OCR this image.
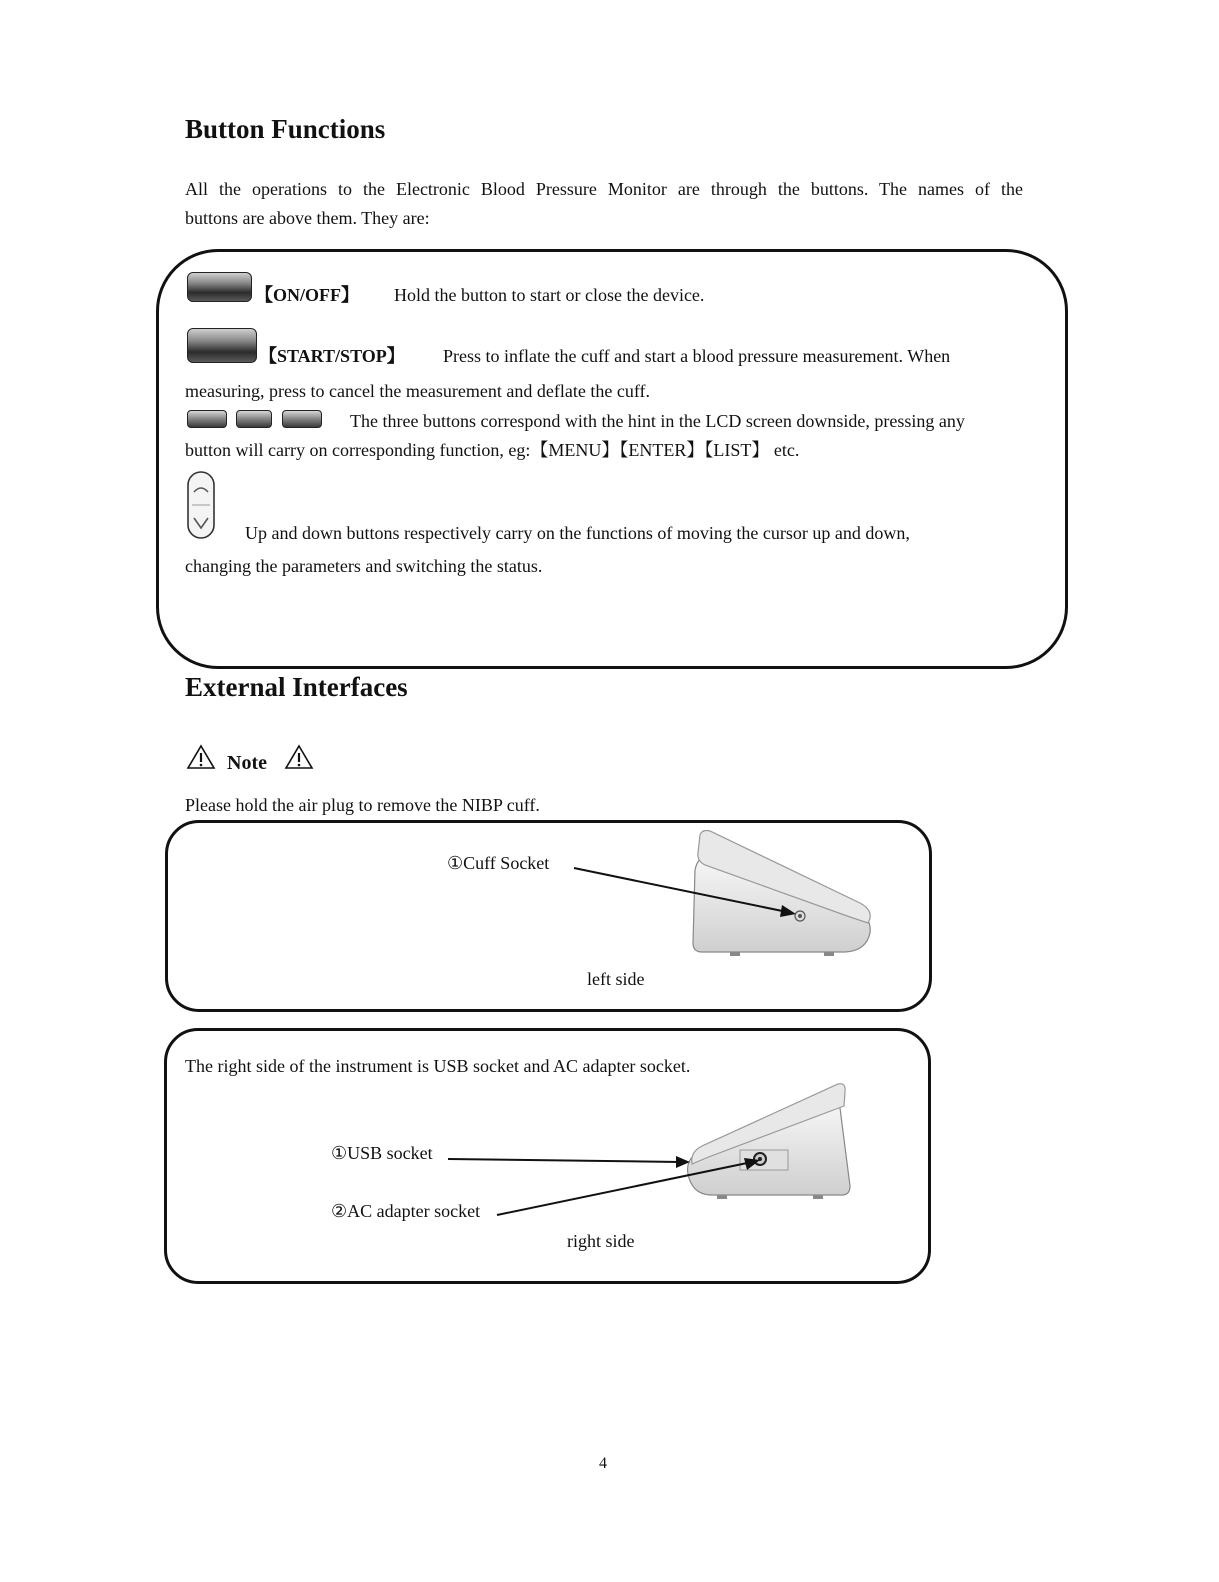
Button Functions
All the operations to the Electronic Blood Pressure Monitor are through the buttons. The names of the
buttons are above them. They are:
【ON/OFF】 Hold the button to start or close the device.
【START/STOP】 Press to inflate the cuff and start a blood pressure measurement. When
measuring, press to cancel the measurement and deflate the cuff.
The three buttons correspond with the hint in the LCD screen downside, pressing any
button will carry on corresponding function, eg:【MENU】【ENTER】【LIST】 etc.
Up and down buttons respectively carry on the functions of moving the cursor up and down,
changing the parameters and switching the status.
External Interfaces
Note
Please hold the air plug to remove the NIBP cuff.
①Cuff Socket
left side
The right side of the instrument is USB socket and AC adapter socket.
①USB socket
②AC adapter socket
right side
4
